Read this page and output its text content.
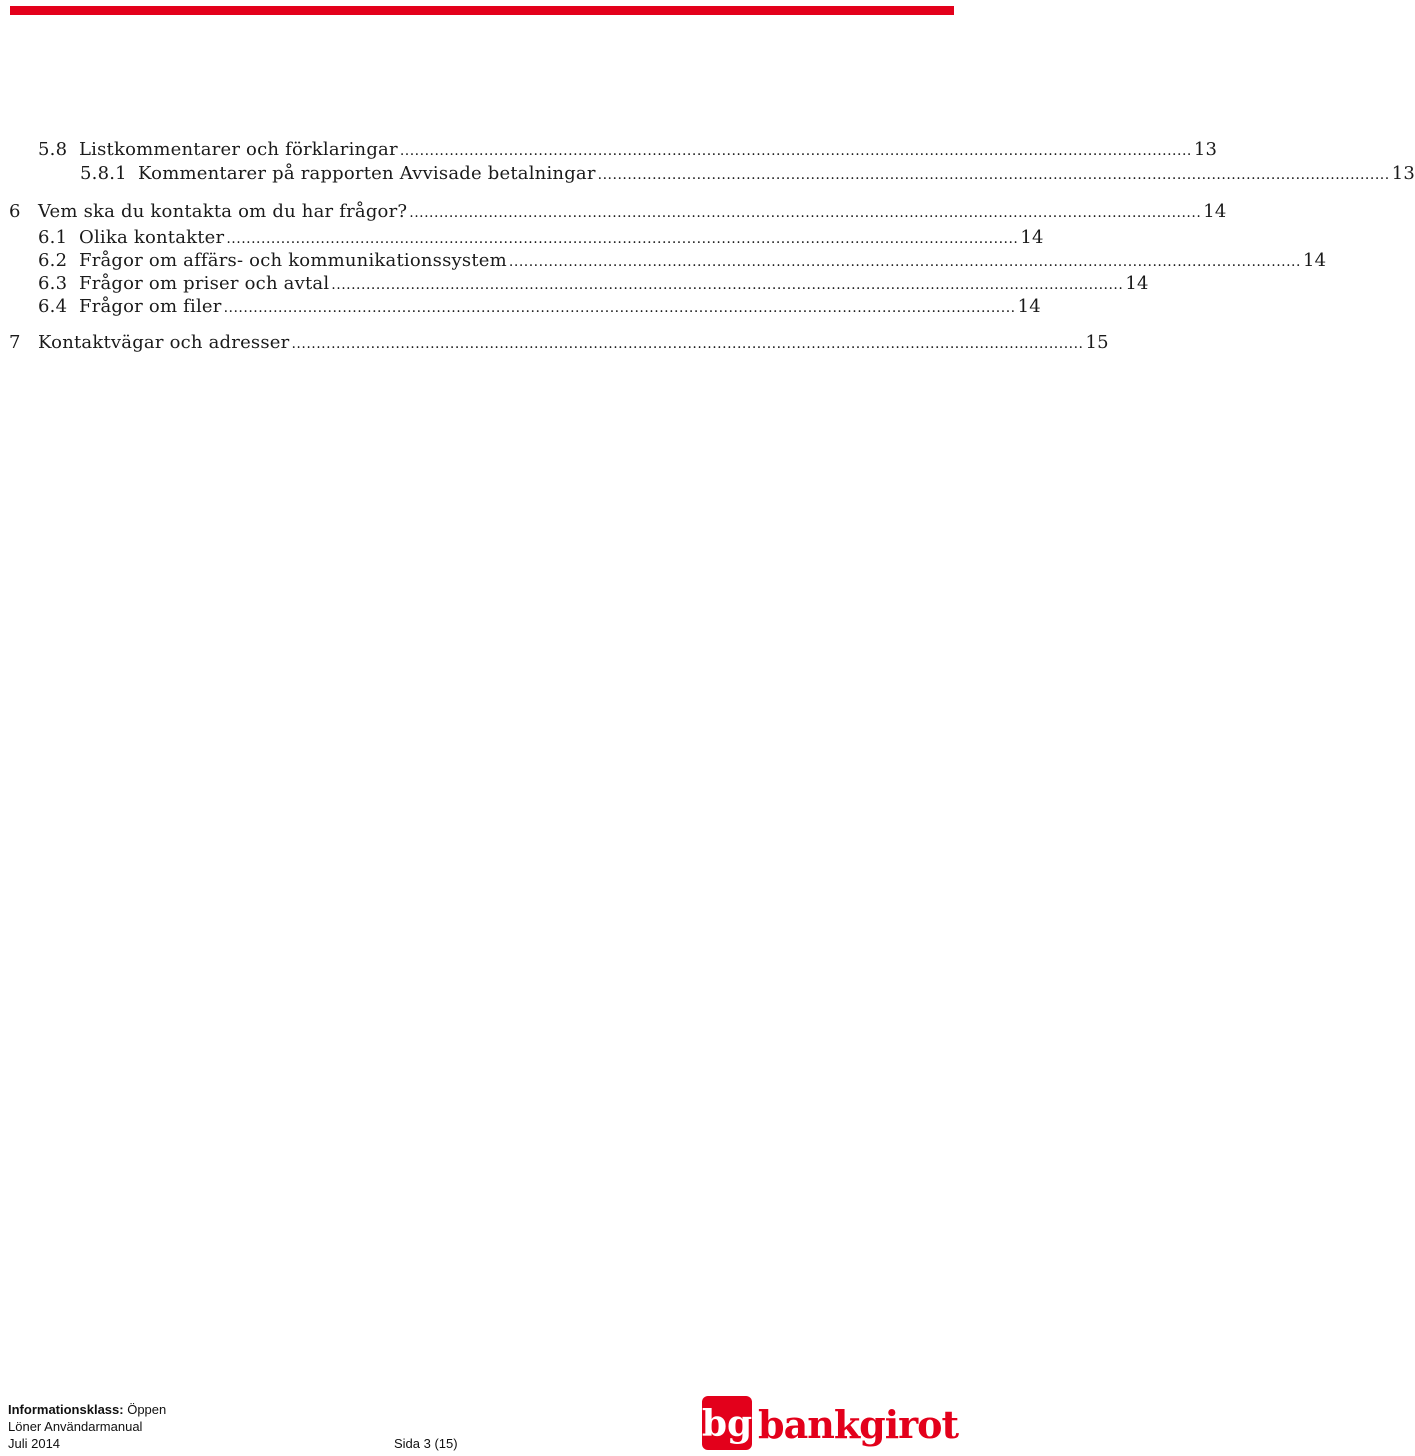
5.8 Listkommentarer och förklaringar ................................................................................................................................................................ 13
5.8.1 Kommentarer på rapporten Avvisade betalningar ................................................................................................................................................................ 13
6 Vem ska du kontakta om du har frågor? ................................................................................................................................................................ 14
6.1 Olika kontakter ................................................................................................................................................................ 14
6.2 Frågor om affärs- och kommunikationssystem ................................................................................................................................................................ 14
6.3 Frågor om priser och avtal ................................................................................................................................................................ 14
6.4 Frågor om filer ................................................................................................................................................................ 14
7 Kontaktvägar och adresser ................................................................................................................................................................ 15
Informationsklass: Öppen
Löner Användarmanual
Juli 2014	Sida 3 (15)	bg bankgirot
